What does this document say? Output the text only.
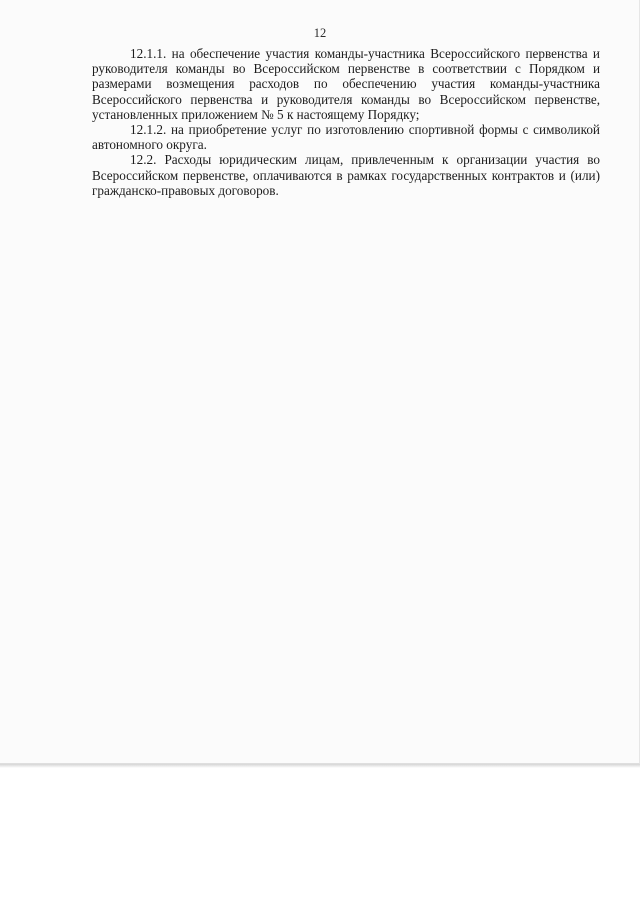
12

12.1.1. на обеспечение участия команды-участника Всероссийского первенства и руководителя команды во Всероссийском первенстве в соответствии с Порядком и размерами возмещения расходов по обеспечению участия команды-участника Всероссийского первенства и руководителя команды во Всероссийском первенстве, установленных приложением № 5 к настоящему Порядку;

12.1.2. на приобретение услуг по изготовлению спортивной формы с символикой автономного округа.

12.2. Расходы юридическим лицам, привлеченным к организации участия во Всероссийском первенстве, оплачиваются в рамках государственных контрактов и (или) гражданско-правовых договоров.
